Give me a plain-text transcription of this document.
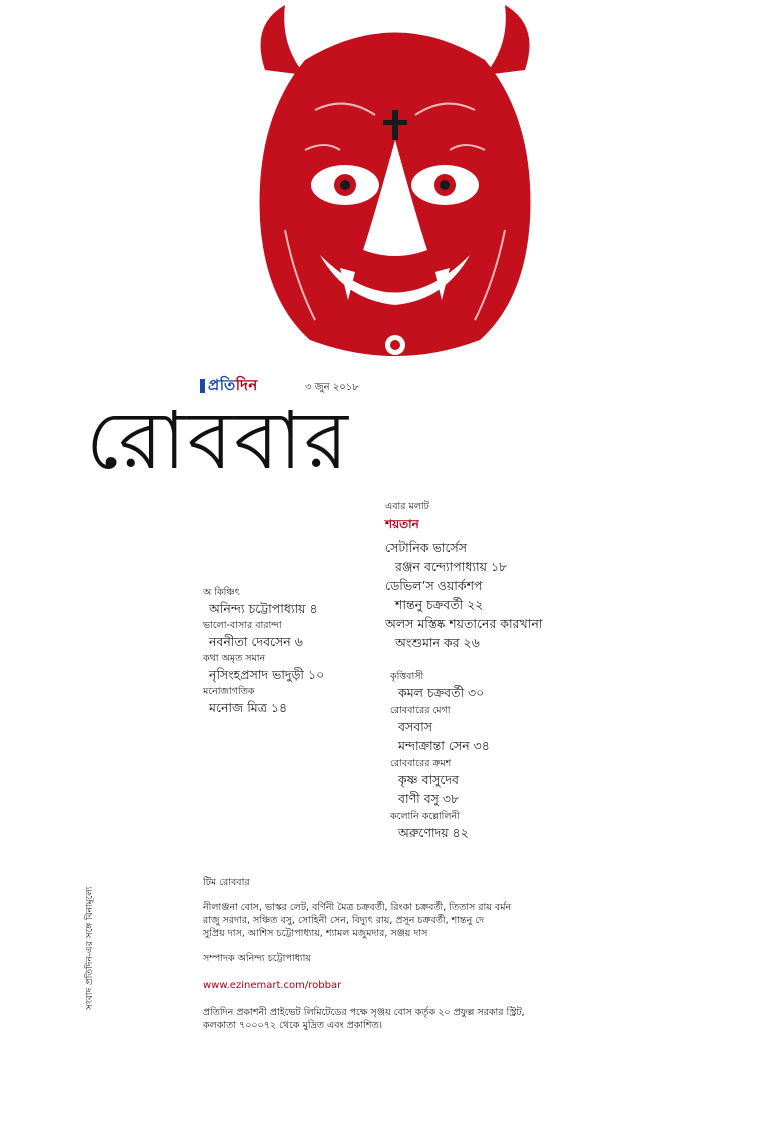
প্রতিদিন	৩ জুন ২০১৮
রোববার
এবার মলাট
শয়তান
সেটানিক ভার্সেস
রঞ্জন বন্দ্যোপাধ্যায় ১৮
ডেভিল’স ওয়ার্কশপ
শান্তনু চক্রবর্তী ২২
অলস মস্তিষ্ক শয়তানের কারখানা
অংশুমান কর ২৬
অ কিঞ্চিৎ
অনিন্দ্য চট্টোপাধ্যায় ৪
ভালো-বাসার বারান্দা
নবনীতা দেবসেন ৬
কথা অমৃত সমান
নৃসিংহপ্রসাদ ভাদুড়ী ১০
মনোজাগতিক
মনোজ মিত্র ১৪
কৃত্তিবাসী
কমল চক্রবর্তী ৩০
রোববারের মেগা
বসবাস
মন্দাক্রান্তা সেন ৩৪
রোববারের ক্রমশ
কৃষ্ণ বাসুদেব
বাণী বসু ৩৮
কলোনি কল্লোলিনী
অরুণোদয় ৪২
টিম রোববার
নীলাঞ্জনা বোস, ভাস্কর লেট, বর্ণিনী মৈত্র চক্রবর্তী, রিংকা চক্রবর্তী, তিতাস রায় বর্মন
রাজু সরদার, সঞ্চিত বসু, সোহিনী সেন, বিদ্যুৎ রায়, প্রসূন চক্রবর্তী, শান্তনু দে
সুপ্রিয় দাস, আশিস চট্টোপাধ্যায়, শ্যামল মজুমদার, সঞ্জয় দাস
সম্পাদক অনিন্দ্য চট্টোপাধ্যায়
www.ezinemart.com/robbar
প্রতিদিন প্রকাশনী প্রাইভেট লিমিটেডের পক্ষে সৃঞ্জয় বোস কর্তৃক ২০ প্রফুল্ল সরকার স্ট্রিট, কলকাতা ৭০০০৭২ থেকে মুদ্রিত এবং প্রকাশিত।
সংবাদ প্রতিদিন-এর সঙ্গে বিনামূল্যে
